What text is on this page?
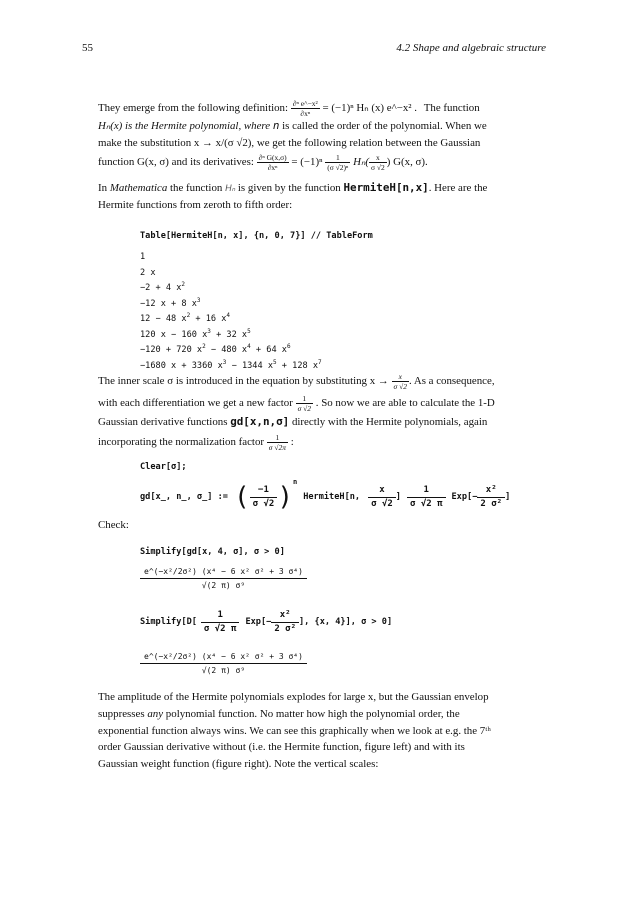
55	4.2 Shape and algebraic structure
They emerge from the following definition: $\frac{\text{∂ⁿ e\textasciicircum{}−x²}}{\text{∂xⁿ}} = (-1)^n$ Hₙ (x) e^−x² . The function
Hₙ(x) is the Hermite polynomial, where n is called the order of the polynomial. When we
make the substitution x → x/(σ √2), we get the following relation between the Gaussian
function G(x, σ) and its derivatives: $\frac{\text{∂ⁿ G(x,σ)}}{\text{∂xⁿ}} = (-1)^n \frac{1}{\text{(σ √2)ⁿ}} H_n( \frac{x}{\sigma √2}$ ) G(x, σ).
In Mathematica the function Hₙ is given by the function HermiteH[n,x]. Here are the
Hermite functions from zeroth to fifth order:
Table[HermiteH[n, x], {n, 0, 7}] // TableForm
1
2 x
−2 + 4 $x^2$
−12 x + 8 $x^3$
12 − 48 $x^2 + 16$ $x^4$
120 x − 160 $x^3 + 32$ $x^5$
−120 + 720 $x^2 - 480$ $x^4 + 64$ $x^6$
−1680 x + 3360 $x^3 - 1344$ $x^5 + 128$ $x^7$
The inner scale σ is introduced in the equation by substituting $x \to \frac{x}{\sigma √2}$ . As a consequence,
with each differentiation we get a new factor $\frac{1}{\sigma √2}$ . So now we are able to calculate the 1-D
Gaussian derivative functions gd[x,n,σ] directly with the Hermite polynomials, again
incorporating the normalization factor $\frac{1}{\sigma √2\pi}$ :
Clear[σ];
gd[x_, n_, σ_] := ( $\frac{-1}{\sigma √2}$ ) n
HermiteH[n, $\frac{x}{\sigma √2}$ ] $\frac{1}{\sigma √2 \pi} Exp[- \frac{\text{x²}}{\text{2 σ²}}$ ]
Check:
Simplify[gd[x, 4, σ], σ > 0]
$\frac{\text{e\textasciicircum{}(−x²/2σ²) (x⁴ − 6 x² σ² + 3 σ⁴)}}{\text{√(2 π) σ⁹}}$
Simplify[D[ $\frac{1}{\sigma √2 \pi} Exp[- \frac{\text{x²}}{\text{2 σ²}}$ ], {x, 4}], σ > 0]
$\frac{\text{e\textasciicircum{}(−x²/2σ²) (x⁴ − 6 x² σ² + 3 σ⁴)}}{\text{√(2 π) σ⁹}}$
The amplitude of the Hermite polynomials explodes for large x, but the Gaussian envelop
suppresses any polynomial function. No matter how high the polynomial order, the
exponential function always wins. We can see this graphically when we look at e.g. the 7ᵗʰ
order Gaussian derivative without (i.e. the Hermite function, figure left) and with its
Gaussian weight function (figure right). Note the vertical scales:
